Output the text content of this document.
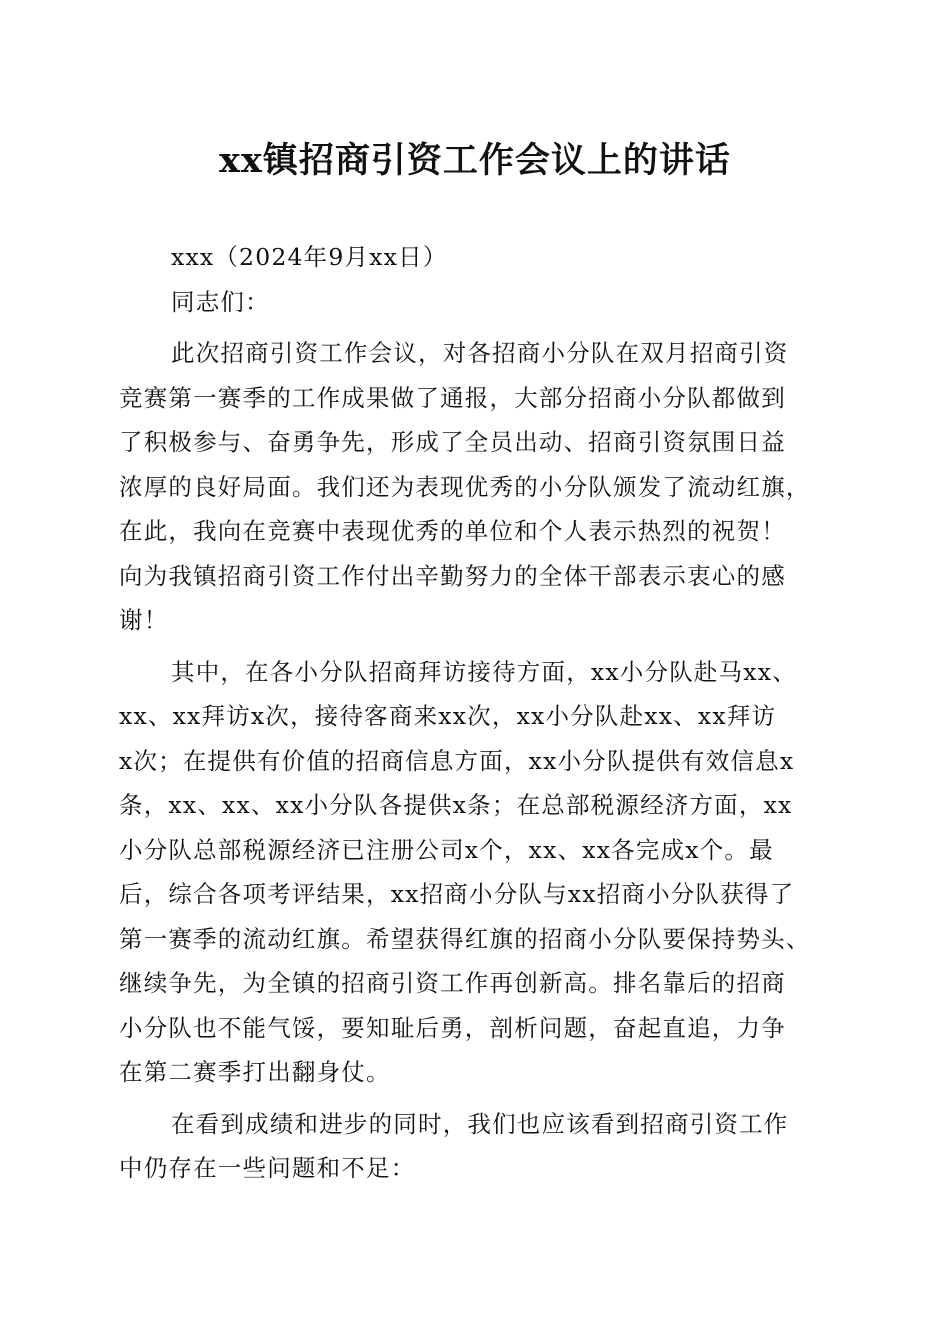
xx镇招商引资工作会议上的讲话
xxx（2024年9月xx日）
同志们：
此次招商引资工作会议，对各招商小分队在双月招商引资
竞赛第一赛季的工作成果做了通报，大部分招商小分队都做到
了积极参与、奋勇争先，形成了全员出动、招商引资氛围日益
浓厚的良好局面。我们还为表现优秀的小分队颁发了流动红旗，
在此，我向在竞赛中表现优秀的单位和个人表示热烈的祝贺！
向为我镇招商引资工作付出辛勤努力的全体干部表示衷心的感
谢！
其中，在各小分队招商拜访接待方面，xx小分队赴马xx、
xx、xx拜访x次，接待客商来xx次，xx小分队赴xx、xx拜访
x次；在提供有价值的招商信息方面，xx小分队提供有效信息x
条，xx、xx、xx小分队各提供x条；在总部税源经济方面，xx
小分队总部税源经济已注册公司x个，xx、xx各完成x个。最
后，综合各项考评结果，xx招商小分队与xx招商小分队获得了
第一赛季的流动红旗。希望获得红旗的招商小分队要保持势头、
继续争先，为全镇的招商引资工作再创新高。排名靠后的招商
小分队也不能气馁，要知耻后勇，剖析问题，奋起直追，力争
在第二赛季打出翻身仗。
在看到成绩和进步的同时，我们也应该看到招商引资工作
中仍存在一些问题和不足：
